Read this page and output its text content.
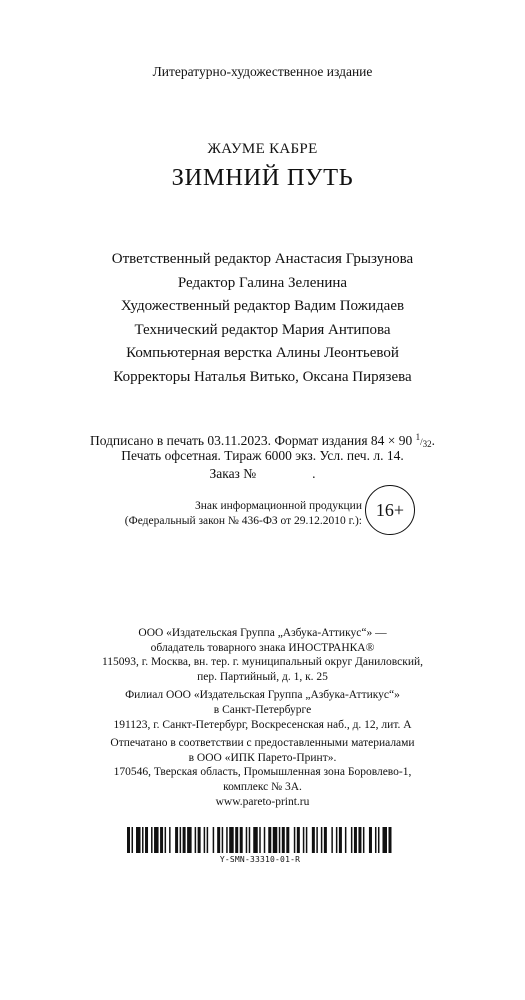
Литературно-художественное издание
ЖАУМЕ КАБРЕ
ЗИМНИЙ ПУТЬ
Ответственный редактор Анастасия Грызунова
Редактор Галина Зеленина
Художественный редактор Вадим Пожидаев
Технический редактор Мария Антипова
Компьютерная верстка Алины Леонтьевой
Корректоры Наталья Витько, Оксана Пирязева
Подписано в печать 03.11.2023. Формат издания 84 × 90 1/32.
Печать офсетная. Тираж 6000 экз. Усл. печ. л. 14.
Заказ №	.
Знак информационной продукции
(Федеральный закон № 436-ФЗ от 29.12.2010 г.):
16+
ООО «Издательская Группа „Азбука-Аттикус“» —
обладатель товарного знака ИНОСТРАНКА®
115093, г. Москва, вн. тер. г. муниципальный округ Даниловский,
пер. Партийный, д. 1, к. 25
Филиал ООО «Издательская Группа „Азбука-Аттикус“»
в Санкт-Петербурге
191123, г. Санкт-Петербург, Воскресенская наб., д. 12, лит. А
Отпечатано в соответствии с предоставленными материалами
в ООО «ИПК Парето-Принт».
170546, Тверская область, Промышленная зона Боровлево-1,
комплекс № 3А.
www.pareto-print.ru
Y-SMN-33310-01-R
